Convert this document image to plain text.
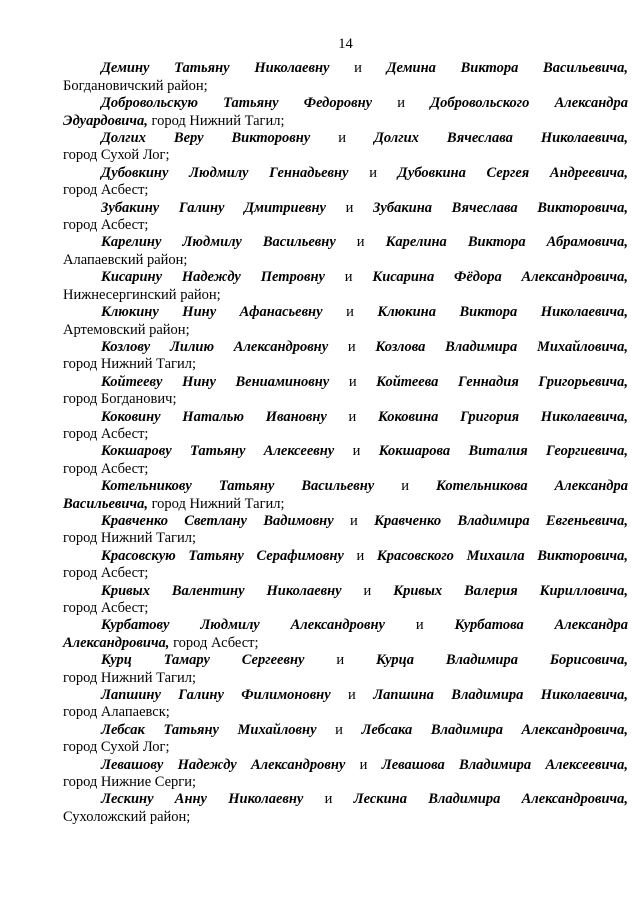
14

Демину Татьяну Николаевну и Демина Виктора Васильевича,
Богдановичский район;

Добровольскую Татьяну Федоровну и Добровольского Александра
Эдуардовича, город Нижний Тагил;

Долгих Веру Викторовну и Долгих Вячеслава Николаевича,
город Сухой Лог;

Дубовкину Людмилу Геннадьевну и Дубовкина Сергея Андреевича,
город Асбест;

Зубакину Галину Дмитриевну и Зубакина Вячеслава Викторовича,
город Асбест;

Карелину Людмилу Васильевну и Карелина Виктора Абрамовича,
Алапаевский район;

Кисарину Надежду Петровну и Кисарина Фёдора Александровича,
Нижнесергинский район;

Клюкину Нину Афанасьевну и Клюкина Виктора Николаевича,
Артемовский район;

Козлову Лилию Александровну и Козлова Владимира Михайловича,
город Нижний Тагил;

Койтееву Нину Вениаминовну и Койтеева Геннадия Григорьевича,
город Богданович;

Коковину Наталью Ивановну и Коковина Григория Николаевича,
город Асбест;

Кокшарову Татьяну Алексеевну и Кокшарова Виталия Георгиевича,
город Асбест;

Котельникову Татьяну Васильевну и Котельникова Александра
Васильевича, город Нижний Тагил;

Кравченко Светлану Вадимовну и Кравченко Владимира Евгеньевича,
город Нижний Тагил;

Красовскую Татьяну Серафимовну и Красовского Михаила Викторовича,
город Асбест;

Кривых Валентину Николаевну и Кривых Валерия Кирилловича,
город Асбест;

Курбатову Людмилу Александровну и Курбатова Александра
Александровича, город Асбест;

Курц Тамару Сергеевну и Курца Владимира Борисовича,
город Нижний Тагил;

Лапшину Галину Филимоновну и Лапшина Владимира Николаевича,
город Алапаевск;

Лебсак Татьяну Михайловну и Лебсака Владимира Александровича,
город Сухой Лог;

Левашову Надежду Александровну и Левашова Владимира Алексеевича,
город Нижние Серги;

Лескину Анну Николаевну и Лескина Владимира Александровича,
Сухоложский район;
